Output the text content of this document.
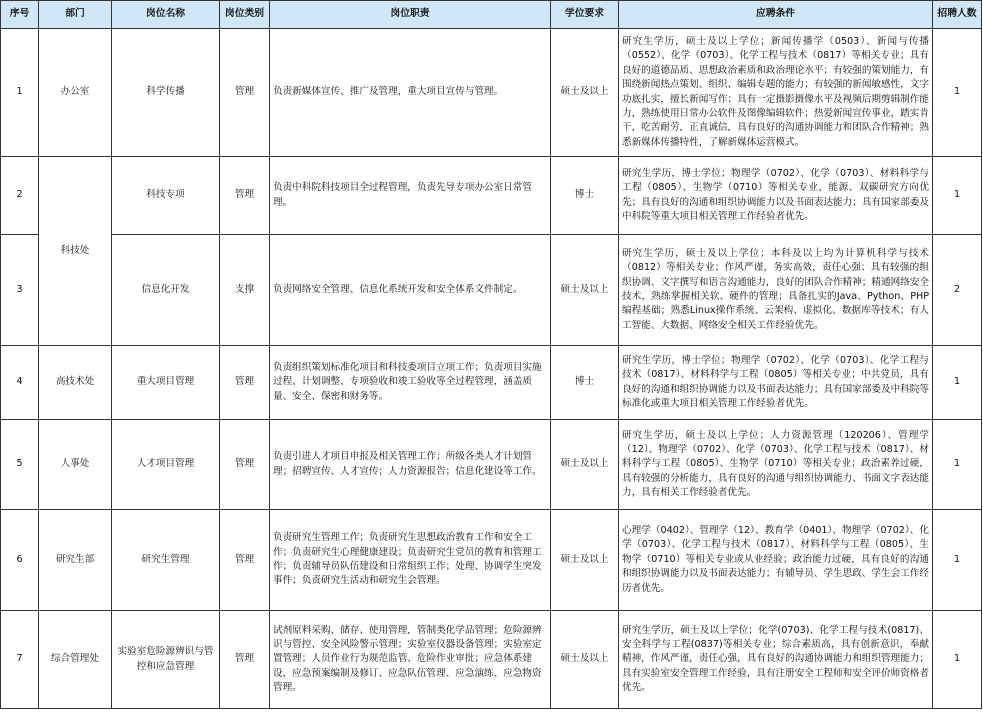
序号	部门	岗位名称	岗位类别	岗位职责	学位要求	应聘条件	招聘人数
1	办公室	科学传播	管理	负责新媒体宣传、推广及管理，重大项目宣传与管理。	硕士及以上	研究生学历，硕士及以上学位；新闻传播学（0503）、新闻与传播（0552）、化学（0703）、化学工程与技术（0817）等相关专业；具有良好的道德品质、思想政治素质和政治理论水平；有较强的策划能力，有围绕新闻热点策划、组织、编辑专题的能力；有较强的新闻敏感性，文字功底扎实，擅长新闻写作；具有一定摄影摄像水平及视频后期剪辑制作能力，熟练使用日常办公软件及图像编辑软件；热爱新闻宣传事业，踏实肯干，吃苦耐劳，正直诚信，具有良好的沟通协调能力和团队合作精神；熟悉新媒体传播特性，了解新媒体运营模式。	1
2	科技处	科技专项	管理	负责中科院科技项目全过程管理，负责先导专项办公室日常管理。	博士	研究生学历，博士学位；物理学（0702）、化学（0703）、材料科学与工程（0805）、生物学（0710）等相关专业，能源、双碳研究方向优先；具有良好的沟通和组织协调能力以及书面表达能力；具有国家部委及中科院等重大项目相关管理工作经验者优先。	1
3		信息化开发	支撑	负责网络安全管理、信息化系统开发和安全体系文件制定。	硕士及以上	研究生学历，硕士及以上学位；本科及以上均为计算机科学与技术（0812）等相关专业；作风严谨，务实高效，责任心强；具有较强的组织协调、文字撰写和语言沟通能力，良好的团队合作精神；精通网络安全技术，熟练掌握相关软、硬件的管理；具备扎实的Java、Python、PHP编程基础；熟悉Linux操作系统、云架构、虚拟化、数据库等技术；有人工智能、大数据、网络安全相关工作经验优先。	2
4	高技术处	重大项目管理	管理	负责组织策划标准化项目和科技委项目立项工作；负责项目实施过程、计划调整、专项验收和竣工验收等全过程管理，涵盖质量、安全、保密和财务等。	博士	研究生学历，博士学位；物理学（0702）、化学（0703）、化学工程与技术（0817）、材料科学与工程（0805）等相关专业；中共党员，具有良好的沟通和组织协调能力以及书面表达能力；具有国家部委及中科院等标准化或重大项目相关管理工作经验者优先。	1
5	人事处	人才项目管理	管理	负责引进人才项目申报及相关管理工作；所级各类人才计划管理；招聘宣传、人才宣传；人力资源报告；信息化建设等工作。	硕士及以上	研究生学历，硕士及以上学位；人力资源管理（120206）、管理学（12）、物理学（0702）、化学（0703）、化学工程与技术（0817）、材料科学与工程（0805）、生物学（0710）等相关专业；政治素养过硬，具有较强的分析能力，具有良好的沟通与组织协调能力、书面文字表达能力，具有相关工作经验者优先。	1
6	研究生部	研究生管理	管理	负责研究生管理工作；负责研究生思想政治教育工作和安全工作；负责研究生心理健康建设；负责研究生党员的教育和管理工作；负责辅导员队伍建设和日常组织工作；处理、协调学生突发事件；负责研究生活动和研究生会管理。	硕士及以上	心理学（0402）、管理学（12）、教育学（0401）、物理学（0702）、化学（0703）、化学工程与技术（0817）、材料科学与工程（0805）、生物学（0710）等相关专业或从业经验；政治能力过硬，具有良好的沟通和组织协调能力以及书面表达能力；有辅导员、学生思政、学生会工作经历者优先。	1
7	综合管理处	实验室危险源辨识与管控和应急管理	管理	试剂原料采购、储存、使用管理，管制类化学品管理；危险源辨识与管控、安全风险警示管理；实验室仪器设备管理；实验室定置管理；人员作业行为规范监管、危险作业审批；应急体系建设，应急预案编制及修订、应急队伍管理、应急演练、应急物资管理。	硕士及以上	研究生学历，硕士及以上学位；化学(0703)、化学工程与技术(0817)、安全科学与工程(0837)等相关专业；综合素质高，具有创新意识，奉献精神，作风严谨，责任心强，具有良好的沟通协调能力和组织管理能力；具有实验室安全管理工作经验，具有注册安全工程师和安全评价师资格者优先。	1
